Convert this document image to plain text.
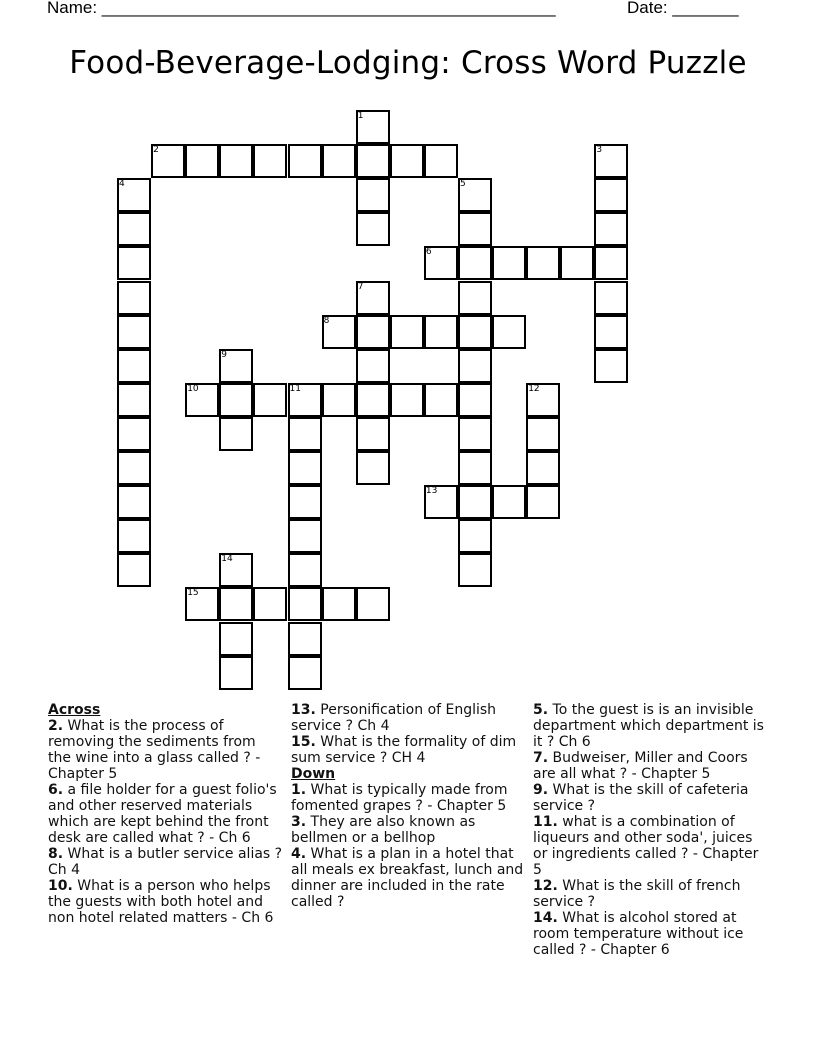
Name: ________________________________________________	Date: _______
Food-Beverage-Lodging: Cross Word Puzzle
1
2	3
4	5
6
7
8
9
10	11	12
13
14
15
Across
2. What is the process of removing the sediments from the wine into a glass called ? - Chapter 5
6. a file holder for a guest folio's and other reserved materials which are kept behind the front desk are called what ? - Ch 6
8. What is a butler service alias ? Ch 4
10. What is a person who helps the guests with both hotel and non hotel related matters - Ch 6
13. Personification of English service ? Ch 4
15. What is the formality of dim sum service ? CH 4
Down
1. What is typically made from fomented grapes ? - Chapter 5
3. They are also known as bellmen or a bellhop
4. What is a plan in a hotel that all meals ex breakfast, lunch and dinner are included in the rate called ?
5. To the guest is is an invisible department which department is it ? Ch 6
7. Budweiser, Miller and Coors are all what ? - Chapter 5
9. What is the skill of cafeteria service ?
11. what is a combination of liqueurs and other soda', juices or ingredients called ? - Chapter 5
12. What is the skill of french service ?
14. What is alcohol stored at room temperature without ice called ? - Chapter 6
